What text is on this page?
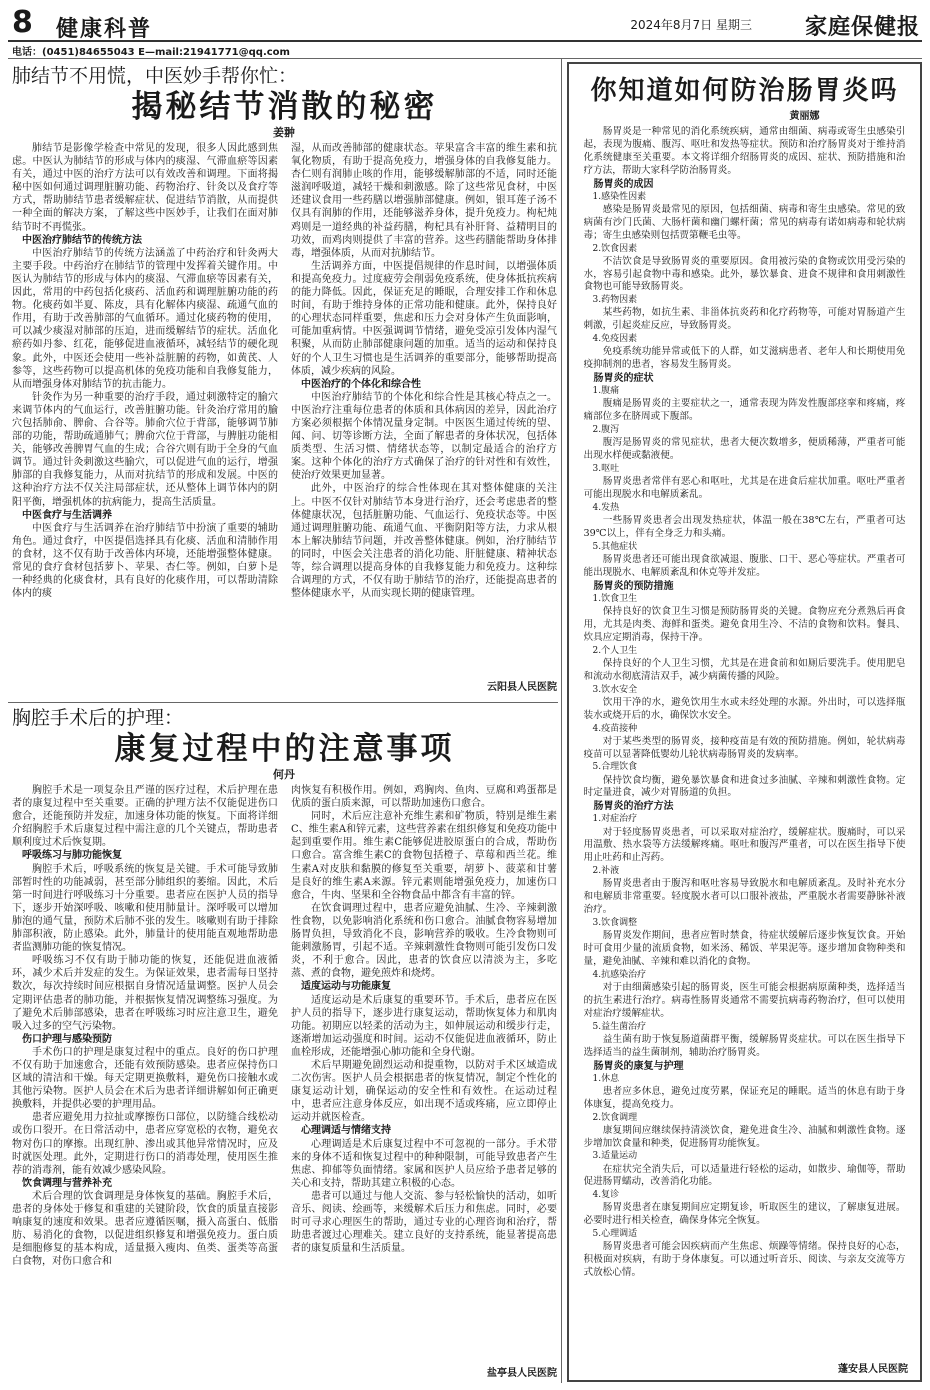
8 健康科普	2024年8月7日 星期三 家庭保健报
电话：(0451)84655043 E—mail:21941771@qq.com
肺结节不用慌，中医妙手帮你忙：
揭秘结节消散的秘密
姜翀

肺结节是影像学检查中常见的发现，很多人因此感到焦虑。中医认为肺结节的形成与体内的痰湿、气滞血瘀等因素有关，通过中医的治疗方法可以有效改善和调理。下面将揭秘中医如何通过调理脏腑功能、药物治疗、针灸以及食疗等方式，帮助肺结节患者缓解症状、促进结节消散，从而提供一种全面的解决方案，了解这些中医妙手，让我们在面对肺结节时不再慌张。

中医治疗肺结节的传统方法

中医治疗肺结节的传统方法涵盖了中药治疗和针灸两大主要手段。中药治疗在肺结节的管理中发挥着关键作用。中医认为肺结节的形成与体内的痰湿、气滞血瘀等因素有关，因此，常用的中药包括化痰药、活血药和调理脏腑功能的药物。化痰药如半夏、陈皮，具有化解体内痰湿、疏通气血的作用，有助于改善肺部的气血循环。通过化痰药物的使用，可以减少痰湿对肺部的压迫，进而缓解结节的症状。活血化瘀药如丹参、红花，能够促进血液循环，减轻结节的硬化现象。此外，中医还会使用一些补益脏腑的药物，如黄芪、人参等，这些药物可以提高机体的免疫功能和自我修复能力，从而增强身体对肺结节的抗击能力。

针灸作为另一种重要的治疗手段，通过刺激特定的腧穴来调节体内的气血运行，改善脏腑功能。针灸治疗常用的腧穴包括肺俞、脾俞、合谷等。肺俞穴位于背部，能够调节肺部的功能，帮助疏通肺气；脾俞穴位于背部，与脾脏功能相关，能够改善脾胃气血的生成；合谷穴则有助于全身的气血调节。通过针灸刺激这些腧穴，可以促进气血的运行，增强肺部的自我修复能力，从而对抗结节的形成和发展。中医的这种治疗方法不仅关注局部症状，还从整体上调节体内的阴阳平衡，增强机体的抗病能力，提高生活质量。

中医食疗与生活调养

中医食疗与生活调养在治疗肺结节中扮演了重要的辅助角色。通过食疗，中医提倡选择具有化痰、活血和清肺作用的食材，这不仅有助于改善体内环境，还能增强整体健康。常见的食疗食材包括萝卜、苹果、杏仁等。例如，白萝卜是一种经典的化痰食材，具有良好的化痰作用，可以帮助清除体内的痰

湿，从而改善肺部的健康状态。苹果富含丰富的维生素和抗氧化物质，有助于提高免疫力，增强身体的自我修复能力。杏仁则有润肺止咳的作用，能够缓解肺部的不适，同时还能滋润呼吸道，减轻干燥和刺激感。除了这些常见食材，中医还建议食用一些药膳以增强肺部健康。例如，银耳莲子汤不仅具有润肺的作用，还能够滋养身体，提升免疫力。枸杞炖鸡则是一道经典的补益药膳，枸杞具有补肝肾、益精明目的功效，而鸡肉则提供了丰富的营养。这些药膳能帮助身体排毒，增强体质，从而对抗肺结节。

生活调养方面，中医提倡规律的作息时间，以增强体质和提高免疫力。过度疲劳会削弱免疫系统，使身体抵抗疾病的能力降低。因此，保证充足的睡眠，合理安排工作和休息时间，有助于维持身体的正常功能和健康。此外，保持良好的心理状态同样重要，焦虑和压力会对身体产生负面影响，可能加重病情。中医强调调节情绪，避免受凉引发体内湿气积聚，从而防止肺部健康问题的加重。适当的运动和保持良好的个人卫生习惯也是生活调养的重要部分，能够帮助提高体质，减少疾病的风险。

中医治疗的个体化和综合性

中医治疗肺结节的个体化和综合性是其核心特点之一。中医治疗注重每位患者的体质和具体病因的差异，因此治疗方案必须根据个体情况量身定制。中医医生通过传统的望、闻、问、切等诊断方法，全面了解患者的身体状况，包括体质类型、生活习惯、情绪状态等，以制定最适合的治疗方案。这种个体化的治疗方式确保了治疗的针对性和有效性，使治疗效果更加显著。

此外，中医治疗的综合性体现在其对整体健康的关注上。中医不仅针对肺结节本身进行治疗，还会考虑患者的整体健康状况，包括脏腑功能、气血运行、免疫状态等。中医通过调理脏腑功能、疏通气血、平衡阴阳等方法，力求从根本上解决肺结节问题，并改善整体健康。例如，治疗肺结节的同时，中医会关注患者的消化功能、肝脏健康、精神状态等，综合调理以提高身体的自我修复能力和免疫力。这种综合调理的方式，不仅有助于肺结节的治疗，还能提高患者的整体健康水平，从而实现长期的健康管理。

云阳县人民医院
胸腔手术后的护理：
康复过程中的注意事项
何丹

胸腔手术是一项复杂且严谨的医疗过程，术后护理在患者的康复过程中至关重要。正确的护理方法不仅能促进伤口愈合，还能预防并发症，加速身体功能的恢复。下面将详细介绍胸腔手术后康复过程中需注意的几个关键点，帮助患者顺利度过术后恢复期。

呼吸练习与肺功能恢复

胸腔手术后，呼吸系统的恢复是关键。手术可能导致肺部暂时性的功能减弱，甚至部分肺组织的萎缩。因此，术后第一时间进行呼吸练习十分重要。患者应在医护人员的指导下，逐步开始深呼吸、咳嗽和使用肺量计。深呼吸可以增加肺泡的通气量，预防术后肺不张的发生。咳嗽则有助于排除肺部积液，防止感染。此外，肺量计的使用能直观地帮助患者监测肺功能的恢复情况。

呼吸练习不仅有助于肺功能的恢复，还能促进血液循环，减少术后并发症的发生。为保证效果，患者需每日坚持数次，每次持续时间应根据自身情况适量调整。医护人员会定期评估患者的肺功能，并根据恢复情况调整练习强度。为了避免术后肺部感染，患者在呼吸练习时应注意卫生，避免吸入过多的空气污染物。

伤口护理与感染预防

手术伤口的护理是康复过程中的重点。良好的伤口护理不仅有助于加速愈合，还能有效预防感染。患者应保持伤口区域的清洁和干燥。每天定期更换敷料，避免伤口接触水或其他污染物。医护人员会在术后为患者详细讲解如何正确更换敷料，并提供必要的护理用品。

患者应避免用力拉扯或摩擦伤口部位，以防缝合线松动或伤口裂开。在日常活动中，患者应穿宽松的衣物，避免衣物对伤口的摩擦。出现红肿、渗出或其他异常情况时，应及时就医处理。此外，定期进行伤口的消毒处理，使用医生推荐的消毒剂，能有效减少感染风险。

饮食调理与营养补充

术后合理的饮食调理是身体恢复的基础。胸腔手术后，患者的身体处于修复和重建的关键阶段，饮食的质量直接影响康复的速度和效果。患者应遵循医嘱，摄入高蛋白、低脂肪、易消化的食物，以促进组织修复和增强免疫力。蛋白质是细胞修复的基本构成，适量摄入瘦肉、鱼类、蛋类等高蛋白食物，对伤口愈合和

肉恢复有积极作用。例如，鸡胸肉、鱼肉、豆腐和鸡蛋都是优质的蛋白质来源，可以帮助加速伤口愈合。

同时，术后应注意补充维生素和矿物质，特别是维生素C、维生素A和锌元素，这些营养素在组织修复和免疫功能中起到重要作用。维生素C能够促进胶原蛋白的合成，帮助伤口愈合。富含维生素C的食物包括橙子、草莓和西兰花。维生素A对皮肤和黏膜的修复至关重要，胡萝卜、菠菜和甘薯是良好的维生素A来源。锌元素则能增强免疫力，加速伤口愈合，牛肉、坚果和全谷物食品中都含有丰富的锌。

在饮食调理过程中，患者应避免油腻、生冷、辛辣刺激性食物，以免影响消化系统和伤口愈合。油腻食物容易增加肠胃负担，导致消化不良，影响营养的吸收。生冷食物则可能刺激肠胃，引起不适。辛辣刺激性食物则可能引发伤口发炎，不利于愈合。因此，患者的饮食应以清淡为主，多吃蒸、煮的食物，避免煎炸和烧烤。

适度运动与功能康复

适度运动是术后康复的重要环节。手术后，患者应在医护人员的指导下，逐步进行康复运动，帮助恢复体力和肌肉功能。初期应以轻柔的活动为主，如伸展运动和缓步行走，逐渐增加运动强度和时间。运动不仅能促进血液循环，防止血栓形成，还能增强心肺功能和全身代谢。

术后早期避免剧烈运动和提重物，以防对手术区域造成二次伤害。医护人员会根据患者的恢复情况，制定个性化的康复运动计划，确保运动的安全性和有效性。在运动过程中，患者应注意身体反应，如出现不适或疼痛，应立即停止运动并就医检查。

心理调适与情绪支持

心理调适是术后康复过程中不可忽视的一部分。手术带来的身体不适和恢复过程中的种种限制，可能导致患者产生焦虑、抑郁等负面情绪。家属和医护人员应给予患者足够的关心和支持，帮助其建立积极的心态。

患者可以通过与他人交流、参与轻松愉快的活动，如听音乐、阅读、绘画等，来缓解术后压力和焦虑。同时，必要时可寻求心理医生的帮助，通过专业的心理咨询和治疗，帮助患者渡过心理难关。建立良好的支持系统，能显著提高患者的康复质量和生活质量。

盐亭县人民医院
你知道如何防治肠胃炎吗
黄丽娜

肠胃炎是一种常见的消化系统疾病，通常由细菌、病毒或寄生虫感染引起，表现为腹痛、腹泻、呕吐和发热等症状。预防和治疗肠胃炎对于维持消化系统健康至关重要。本文将详细介绍肠胃炎的成因、症状、预防措施和治疗方法，帮助大家科学防治肠胃炎。

肠胃炎的成因
1.感染性因素

感染是肠胃炎最常见的原因，包括细菌、病毒和寄生虫感染。常见的致病菌有沙门氏菌、大肠杆菌和幽门螺杆菌；常见的病毒有诺如病毒和轮状病毒；寄生虫感染则包括贾第鞭毛虫等。

2.饮食因素

不洁饮食是导致肠胃炎的重要原因。食用被污染的食物或饮用受污染的水，容易引起食物中毒和感染。此外，暴饮暴食、进食不规律和食用刺激性食物也可能导致肠胃炎。

3.药物因素

某些药物，如抗生素、非甾体抗炎药和化疗药物等，可能对胃肠道产生刺激，引起炎症反应，导致肠胃炎。

4.免疫因素

免疫系统功能异常或低下的人群，如艾滋病患者、老年人和长期使用免疫抑制剂的患者，容易发生肠胃炎。

肠胃炎的症状
1.腹痛

腹痛是肠胃炎的主要症状之一，通常表现为阵发性腹部痉挛和疼痛，疼痛部位多在脐周或下腹部。

2.腹泻

腹泻是肠胃炎的常见症状，患者大便次数增多，便质稀薄，严重者可能出现水样便或黏液便。

3.呕吐

肠胃炎患者常伴有恶心和呕吐，尤其是在进食后症状加重。呕吐严重者可能出现脱水和电解质紊乱。

4.发热

一些肠胃炎患者会出现发热症状，体温一般在38℃左右，严重者可达39℃以上，伴有全身乏力和头痛。

5.其他症状

肠胃炎患者还可能出现食欲减退、腹胀、口干、恶心等症状。严重者可能出现脱水、电解质紊乱和休克等并发症。

肠胃炎的预防措施
1.饮食卫生

保持良好的饮食卫生习惯是预防肠胃炎的关键。食物应充分煮熟后再食用，尤其是肉类、海鲜和蛋类。避免食用生冷、不洁的食物和饮料。餐具、炊具应定期消毒，保持干净。

2.个人卫生

保持良好的个人卫生习惯，尤其是在进食前和如厕后要洗手。使用肥皂和流动水彻底清洁双手，减少病菌传播的风险。

3.饮水安全

饮用干净的水，避免饮用生水或未经处理的水源。外出时，可以选择瓶装水或烧开后的水，确保饮水安全。

4.疫苗接种

对于某些类型的肠胃炎，接种疫苗是有效的预防措施。例如，轮状病毒疫苗可以显著降低婴幼儿轮状病毒肠胃炎的发病率。

5.合理饮食

保持饮食均衡，避免暴饮暴食和进食过多油腻、辛辣和刺激性食物。定时定量进食，减少对胃肠道的负担。

肠胃炎的治疗方法
1.对症治疗

对于轻度肠胃炎患者，可以采取对症治疗，缓解症状。腹痛时，可以采用温敷、热水袋等方法缓解疼痛。呕吐和腹泻严重者，可以在医生指导下使用止吐药和止泻药。

2.补液

肠胃炎患者由于腹泻和呕吐容易导致脱水和电解质紊乱。及时补充水分和电解质非常重要。轻度脱水者可以口服补液盐，严重脱水者需要静脉补液治疗。

3.饮食调整

肠胃炎发作期间，患者应暂时禁食，待症状缓解后逐步恢复饮食。开始时可食用少量的流质食物，如米汤、稀饭、苹果泥等。逐步增加食物种类和量，避免油腻、辛辣和难以消化的食物。

4.抗感染治疗

对于由细菌感染引起的肠胃炎，医生可能会根据病原菌种类，选择适当的抗生素进行治疗。病毒性肠胃炎通常不需要抗病毒药物治疗，但可以使用对症治疗缓解症状。

5.益生菌治疗

益生菌有助于恢复肠道菌群平衡，缓解肠胃炎症状。可以在医生指导下选择适当的益生菌制剂，辅助治疗肠胃炎。

肠胃炎的康复与护理
1.休息

患者应多休息，避免过度劳累，保证充足的睡眠。适当的休息有助于身体康复，提高免疫力。

2.饮食调理

康复期间应继续保持清淡饮食，避免进食生冷、油腻和刺激性食物。逐步增加饮食量和种类，促进肠胃功能恢复。

3.适量运动

在症状完全消失后，可以适量进行轻松的运动，如散步、瑜伽等，帮助促进肠胃蠕动，改善消化功能。

4.复诊

肠胃炎患者在康复期间应定期复诊，听取医生的建议，了解康复进展。必要时进行相关检查，确保身体完全恢复。

5.心理调适

肠胃炎患者可能会因疾病而产生焦虑、烦躁等情绪。保持良好的心态，积极面对疾病，有助于身体康复。可以通过听音乐、阅读、与亲友交流等方式放松心情。

蓬安县人民医院
